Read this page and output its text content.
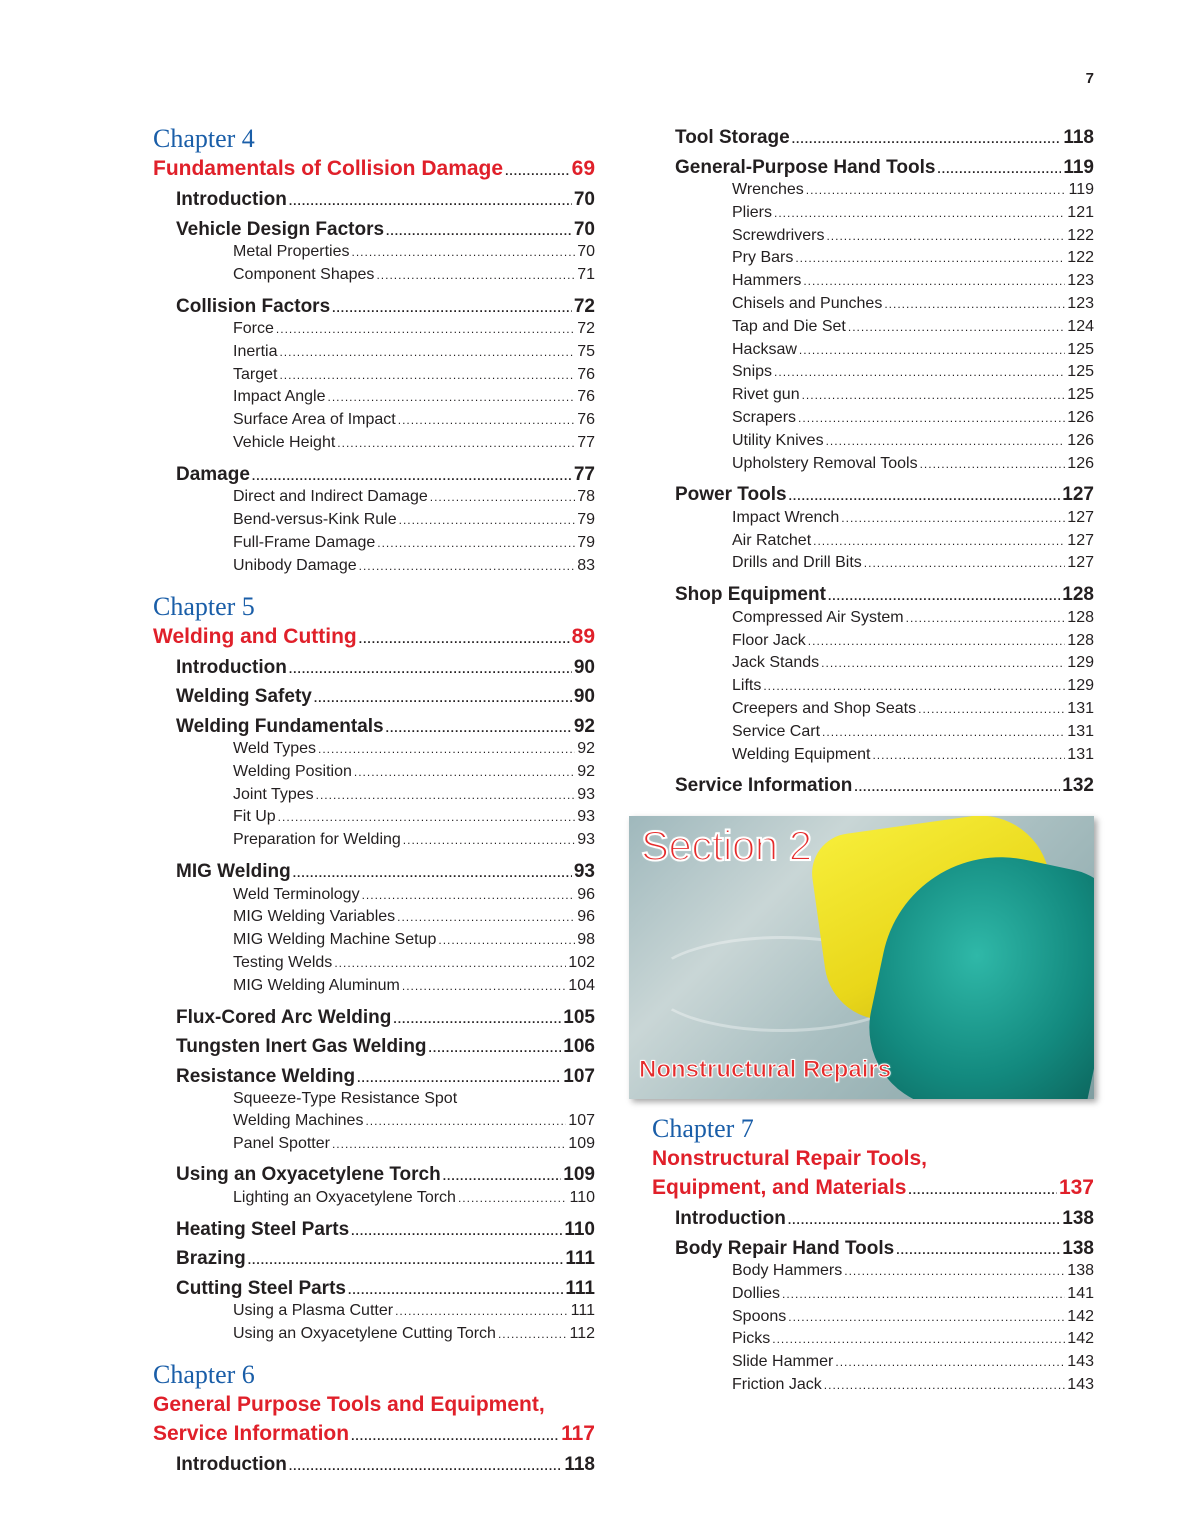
7
Chapter 4
Fundamentals of Collision Damage .....	69
Introduction .....	70
Vehicle Design Factors .....	70
Metal Properties .....	70
Component Shapes .....	71
Collision Factors .....	72
Force .....	72
Inertia .....	75
Target .....	76
Impact Angle .....	76
Surface Area of Impact .....	76
Vehicle Height .....	77
Damage .....	77
Direct and Indirect Damage .....	78
Bend-versus-Kink Rule .....	79
Full-Frame Damage .....	79
Unibody Damage .....	83
Chapter 5
Welding and Cutting .....	89
Introduction .....	90
Welding Safety .....	90
Welding Fundamentals .....	92
Weld Types .....	92
Welding Position .....	92
Joint Types .....	93
Fit Up .....	93
Preparation for Welding .....	93
MIG Welding .....	93
Weld Terminology .....	96
MIG Welding Variables .....	96
MIG Welding Machine Setup .....	98
Testing Welds .....	102
MIG Welding Aluminum .....	104
Flux-Cored Arc Welding .....	105
Tungsten Inert Gas Welding .....	106
Resistance Welding .....	107
Squeeze-Type Resistance Spot
Welding Machines .....	107
Panel Spotter .....	109
Using an Oxyacetylene Torch .....	109
Lighting an Oxyacetylene Torch .....	110
Heating Steel Parts .....	110
Brazing .....	111
Cutting Steel Parts .....	111
Using a Plasma Cutter .....	111
Using an Oxyacetylene Cutting Torch .....	112
Chapter 6
General Purpose Tools and Equipment,
Service Information .....	117
Introduction .....	118
Tool Storage .....	118
General-Purpose Hand Tools .....	119
Wrenches .....	119
Pliers .....	121
Screwdrivers .....	122
Pry Bars .....	122
Hammers .....	123
Chisels and Punches .....	123
Tap and Die Set .....	124
Hacksaw .....	125
Snips .....	125
Rivet gun .....	125
Scrapers .....	126
Utility Knives .....	126
Upholstery Removal Tools .....	126
Power Tools .....	127
Impact Wrench .....	127
Air Ratchet .....	127
Drills and Drill Bits .....	127
Shop Equipment .....	128
Compressed Air System .....	128
Floor Jack .....	128
Jack Stands .....	129
Lifts .....	129
Creepers and Shop Seats .....	131
Service Cart .....	131
Welding Equipment .....	131
Service Information .....	132
Section 2
Nonstructural Repairs
Chapter 7
Nonstructural Repair Tools,
Equipment, and Materials .....	137
Introduction .....	138
Body Repair Hand Tools .....	138
Body Hammers .....	138
Dollies .....	141
Spoons .....	142
Picks .....	142
Slide Hammer .....	143
Friction Jack .....	143
